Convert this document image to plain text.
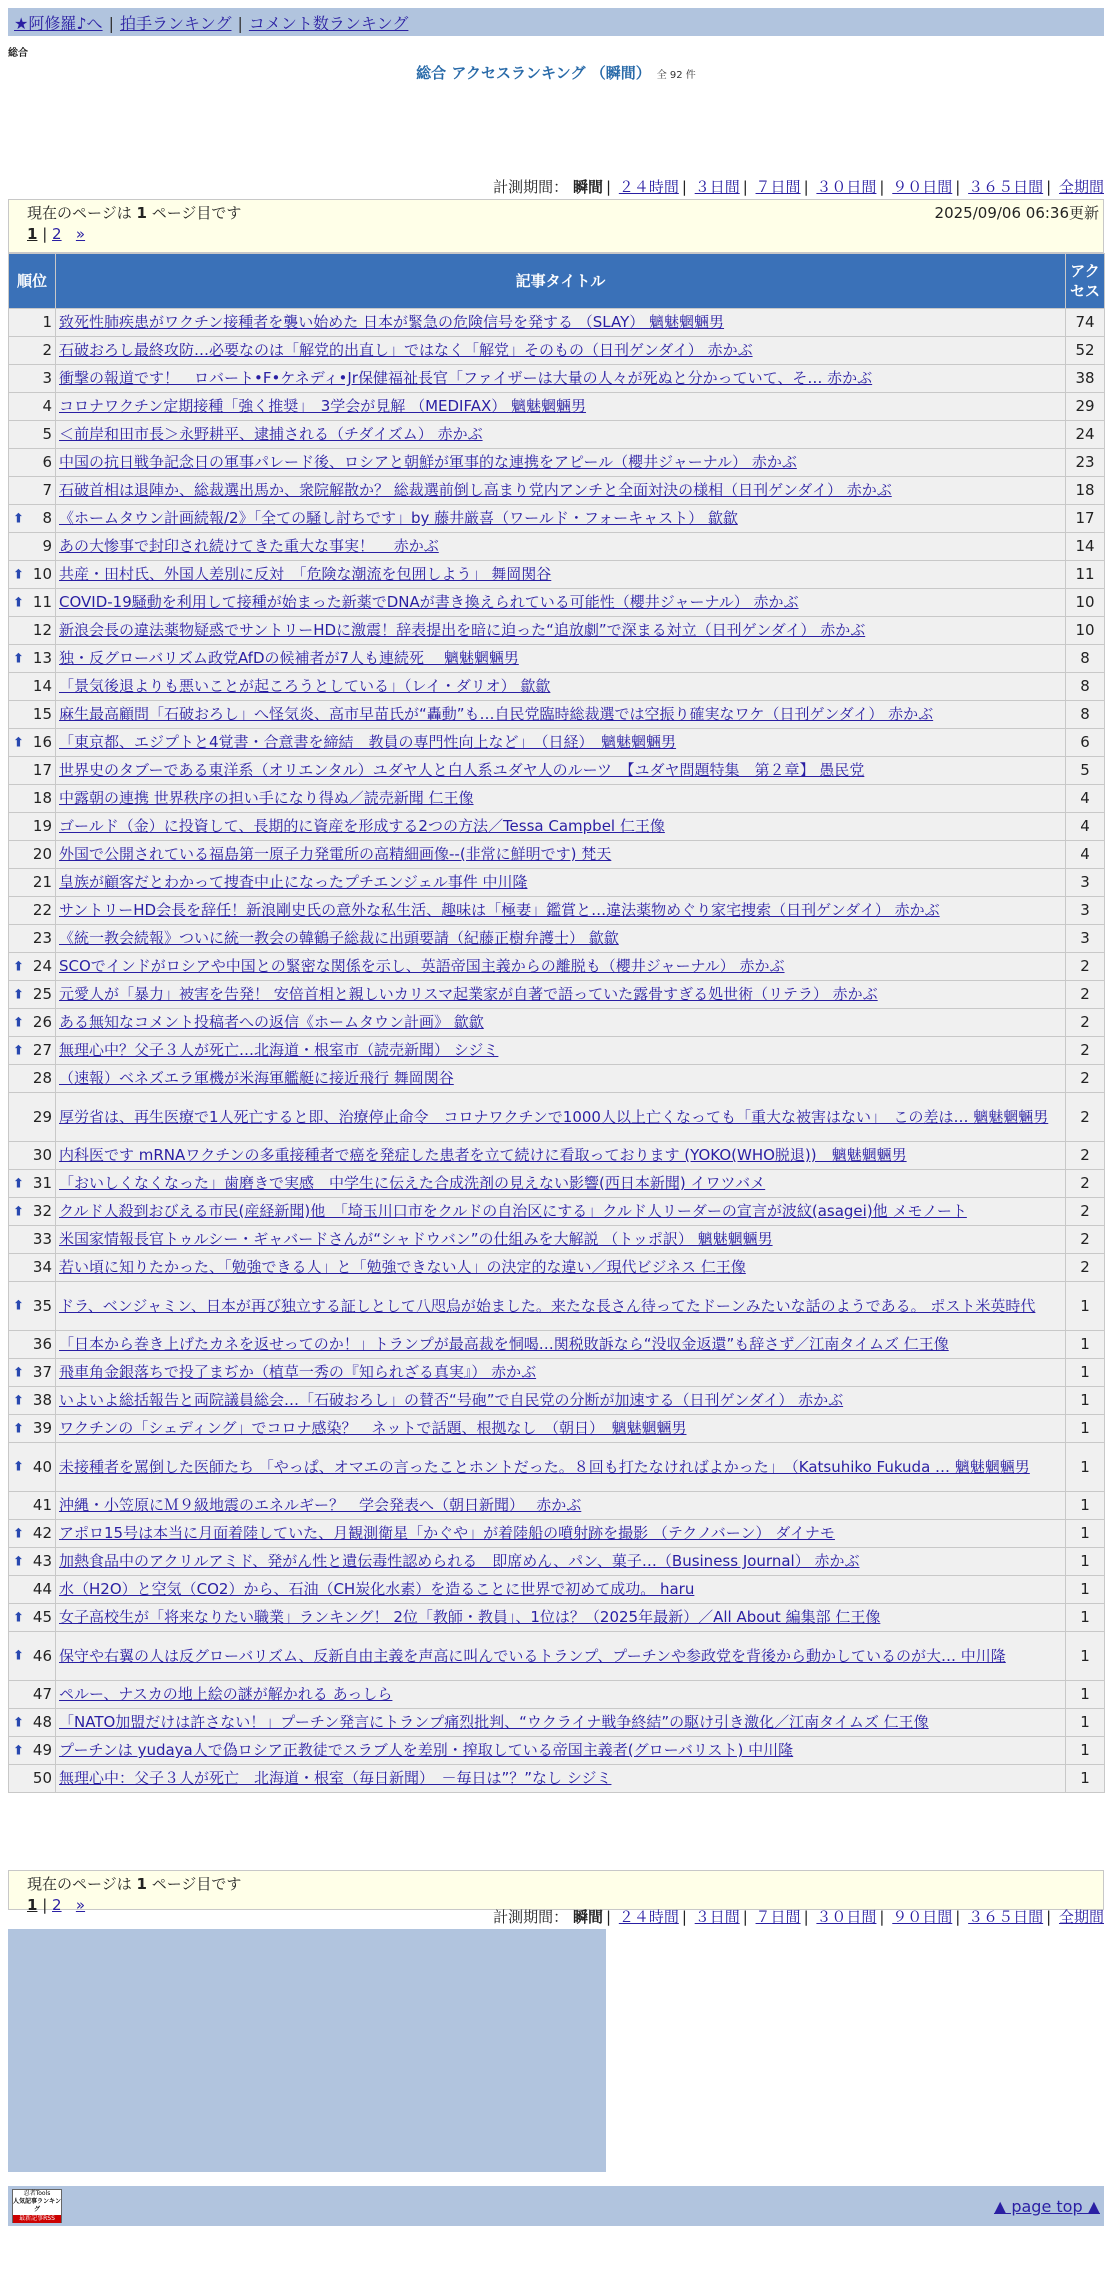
★阿修羅♪へ | 拍手ランキング | コメント数ランキング
総合
総合 アクセスランキング （瞬間） 全 92 件
計測期間： 瞬間 | ２４時間 | ３日間 | ７日間 | ３０日間 | ９０日間 | ３６５日間 | 全期間
現在のページは 1 ページ目です	2025/09/06 06:36更新
1 | 2 »
順位	記事タイトル	アクセス
1	致死性肺疾患がワクチン接種者を襲い始めた 日本が緊急の危険信号を発する （SLAY） 魑魅魍魎男	74
2	石破おろし最終攻防…必要なのは「解党的出直し」ではなく「解党」そのもの（日刊ゲンダイ） 赤かぶ	52
3	衝撃の報道です！　ロバート•F•ケネディ•Jr保健福祉長官「ファイザーは大量の人々が死ぬと分かっていて、そ… 赤かぶ	38
4	コロナワクチン定期接種「強く推奨」　3学会が見解 （MEDIFAX） 魑魅魍魎男	29
5	＜前岸和田市長＞永野耕平、逮捕される（チダイズム） 赤かぶ	24
6	中国の抗日戦争記念日の軍事パレード後、ロシアと朝鮮が軍事的な連携をアピール（櫻井ジャーナル） 赤かぶ	23
7	石破首相は退陣か、総裁選出馬か、衆院解散か？ 総裁選前倒し高まり党内アンチと全面対決の様相（日刊ゲンダイ） 赤かぶ	18

⬆ 8	《ホームタウン計画続報/2》「全ての騒し討ちです」by 藤井厳喜（ワールド・フォーキャスト） 歙歙	17
9	あの大惨事で封印され続けてきた重大な事実！　 赤かぶ	14

⬆ 10	共産・田村氏、外国人差別に反対　「危険な潮流を包囲しよう」 舞岡関谷	11

⬆ 11	COVID-19騒動を利用して接種が始まった新薬でDNAが書き換えられている可能性（櫻井ジャーナル） 赤かぶ	10
12	新浪会長の違法薬物疑惑でサントリーHDに激震！辞表提出を暗に迫った“追放劇”で深まる対立（日刊ゲンダイ） 赤かぶ	10

⬆ 13	独・反グローバリズム政党AfDの候補者が7人も連続死　 魑魅魍魎男	8
14	「景気後退よりも悪いことが起ころうとしている」（レイ・ダリオ） 歙歙	8
15	麻生最高顧問「石破おろし」へ怪気炎、高市早苗氏が“轟動”も…自民党臨時総裁選では空振り確実なワケ（日刊ゲンダイ） 赤かぶ	8

⬆ 16	「東京都、エジプトと4覚書・合意書を締結　教員の専門性向上など」　（日経）　魑魅魍魎男	6
17	世界史のタブーである東洋系（オリエンタル）ユダヤ人と白人系ユダヤ人のルーツ　【ユダヤ問題特集　第２章】 愚民党	5
18	中露朝の連携 世界秩序の担い手になり得ぬ／読売新聞 仁王像	4
19	ゴールド（金）に投資して、長期的に資産を形成する2つの方法／Tessa Campbel 仁王像	4
20	外国で公開されている福島第一原子力発電所の高精細画像--(非常に鮮明です) 梵天	4
21	皇族が顧客だとわかって捜査中止になったプチエンジェル事件 中川隆	3
22	サントリーHD会長を辞任！新浪剛史氏の意外な私生活、趣味は「極妻」鑑賞と…違法薬物めぐり家宅捜索（日刊ゲンダイ） 赤かぶ	3
23	《統一教会続報》ついに統一教会の韓鶴子総裁に出頭要請（紀藤正樹弁護士） 歙歙	3

⬆ 24	SCOでインドがロシアや中国との緊密な関係を示し、英語帝国主義からの離脱も（櫻井ジャーナル） 赤かぶ	2

⬆ 25	元愛人が「暴力」被害を告発！ 安倍首相と親しいカリスマ起業家が自著で語っていた露骨すぎる処世術（リテラ） 赤かぶ	2

⬆ 26	ある無知なコメント投稿者への返信《ホームタウン計画》 歙歙	2

⬆ 27	無理心中？父子３人が死亡…北海道・根室市（読売新聞） シジミ	2
28	（速報）ベネズエラ軍機が米海軍艦艇に接近飛行 舞岡関谷	2
29	厚労省は、再生医療で1人死亡すると即、治療停止命令　コロナワクチンで1000人以上亡くなっても「重大な被害はない」　この差は… 魑魅魍魎男	2
30	内科医です mRNAワクチンの多重接種者で癌を発症した患者を立て続けに看取っております (YOKO(WHO脱退))　魑魅魍魎男	2

⬆ 31	「おいしくなくなった」歯磨きで実感　中学生に伝えた合成洗剤の見えない影響(西日本新聞) イワツバメ	2

⬆ 32	クルド人殺到おびえる市民(産経新聞)他　「埼玉川口市をクルドの自治区にする」クルド人リーダーの宣言が波紋(asagei)他 メモノート	2
33	米国家情報長官トゥルシー・ギャバードさんが“シャドウバン”の仕組みを大解説 （トッポ訳） 魑魅魍魎男	2
34	若い頃に知りたかった、「勉強できる人」と「勉強できない人」の決定的な違い／現代ビジネス 仁王像	2

⬆ 35	ドラ、ベンジャミン、日本が再び独立する証しとして八咫烏が始ました。来たな長さん待ってたドーンみたいな話のようである。 ポスト米英時代	1
36	「日本から巻き上げたカネを返せってのか！」トランプが最高裁を恫喝…関税敗訴なら“没収金返還”も辞さず／江南タイムズ 仁王像	1

⬆ 37	飛車角金銀落ちで投了まぢか（植草一秀の『知られざる真実』） 赤かぶ	1

⬆ 38	いよいよ総括報告と両院議員総会…「石破おろし」の賛否“号砲”で自民党の分断が加速する（日刊ゲンダイ） 赤かぶ	1

⬆ 39	ワクチンの「シェディング」でコロナ感染？　ネットで話題、根拠なし　（朝日）　魑魅魍魎男	1

⬆ 40	未接種者を罵倒した医師たち 「やっぱ、オマエの言ったことホントだった。８回も打たなければよかった」　（Katsuhiko Fukuda … 魑魅魍魎男	1
41	沖縄・小笠原にＭ９級地震のエネルギー？　学会発表へ（朝日新聞）　 赤かぶ	1

⬆ 42	アポロ15号は本当に月面着陸していた、月観測衛星「かぐや」が着陸船の噴射跡を撮影 （テクノバーン） ダイナモ	1

⬆ 43	加熱食品中のアクリルアミド、発がん性と遺伝毒性認められる　即席めん、パン、菓子…（Business Journal） 赤かぶ	1
44	水（H2O）と空気（CO2）から、石油（CH炭化水素）を造ることに世界で初めて成功。 haru	1

⬆ 45	女子高校生が「将来なりたい職業」ランキング！ 2位「教師・教員」、1位は？（2025年最新）／All About 編集部 仁王像	1

⬆ 46	保守や右翼の人は反グローバリズム、反新自由主義を声高に叫んでいるトランプ、プーチンや参政党を背後から動かしているのが大… 中川隆	1
47	ペルー、ナスカの地上絵の謎が解かれる あっしら	1

⬆ 48	「NATO加盟だけは許さない！」プーチン発言にトランプ痛烈批判、“ウクライナ戦争終結”の駆け引き激化／江南タイムズ 仁王像	1

⬆ 49	プーチンは yudaya人で偽ロシア正教徒でスラブ人を差別・搾取している帝国主義者(グローバリスト) 中川隆	1
50	無理心中：父子３人が死亡　北海道・根室（毎日新聞）　－毎日は”？”なし シジミ	1
現在のページは 1 ページ目です
1 | 2 »
計測期間： 瞬間 | ２４時間 | ３日間 | ７日間 | ３０日間 | ９０日間 | ３６５日間 | 全期間
忍者Tools
人気記事ランキング
最新記事RSS
▲ page top ▲
